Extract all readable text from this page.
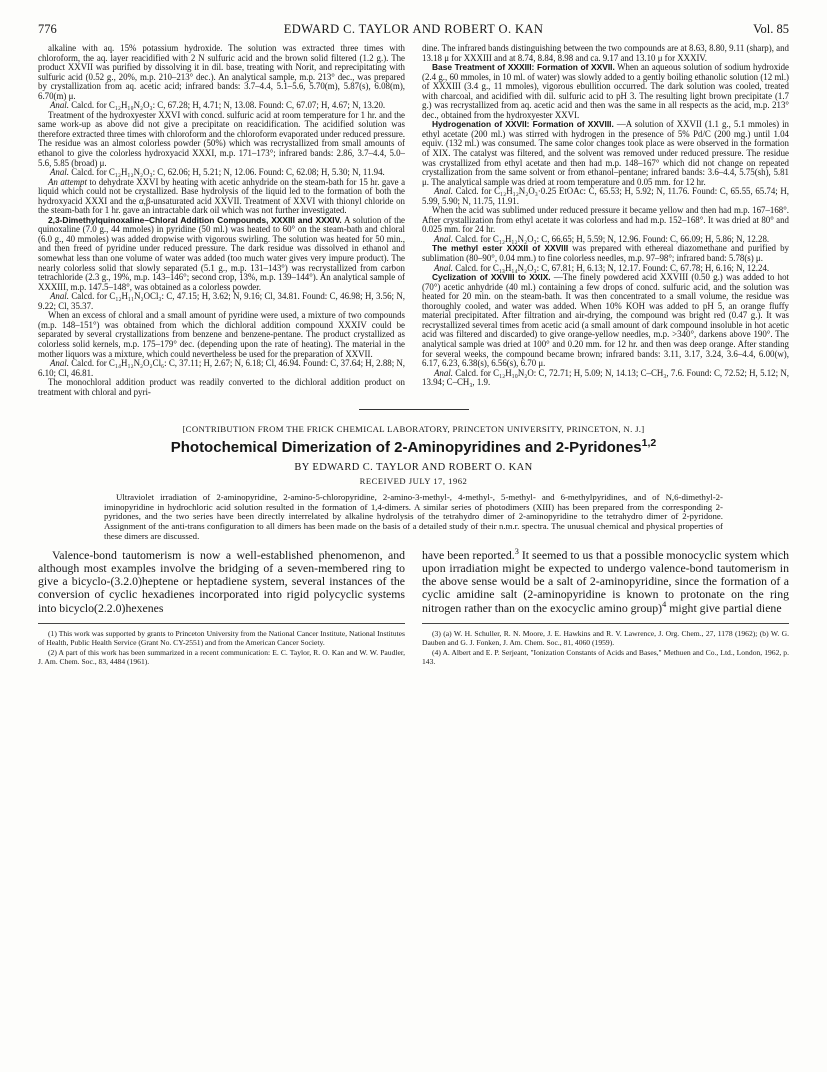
776	EDWARD C. TAYLOR AND ROBERT O. KAN	Vol. 85

alkaline with aq. 15% potassium hydroxide. The solution was extracted three times with chloroform, the aq. layer reacidified with 2 N sulfuric acid and the brown solid filtered (1.2 g.). The product XXVII was purified by dissolving it in dil. base, treating with Norit, and reprecipitating with sulfuric acid (0.52 g., 20%, m.p. 210–213° dec.). An analytical sample, m.p. 213° dec., was prepared by crystallization from aq. acetic acid; infrared bands: 3.7–4.4, 5.1–5.6, 5.70(m), 5.87(s), 6.08(m), 6.70(m) μ.

Anal. Calcd. for C₁₂H₁₀N₂O₃: C, 67.28; H, 4.71; N, 13.08. Found: C, 67.07; H, 4.67; N, 13.20.

Treatment of the hydroxyester XXVI with concd. sulfuric acid at room temperature for 1 hr. and the same work-up as above did not give a precipitate on reacidification. The acidified solution was therefore extracted three times with chloroform and the chloroform evaporated under reduced pressure. The residue was an almost colorless powder (50%) which was recrystallized from small amounts of ethanol to give the colorless hydroxyacid XXXI, m.p. 171–173°; infrared bands: 2.86, 3.7–4.4, 5.0–5.6, 5.85 (broad) μ.

Anal. Calcd. for C₁₂H₁₂N₂O₃: C, 62.06; H, 5.21; N, 12.06. Found: C, 62.08; H, 5.30; N, 11.94.

An attempt to dehydrate XXVI by heating with acetic anhydride on the steam-bath for 15 hr. gave a liquid which could not be crystallized. Base hydrolysis of the liquid led to the formation of both the hydroxyacid XXXI and the α,β-unsaturated acid XXVII. Treatment of XXVI with thionyl chloride on the steam-bath for 1 hr. gave an intractable dark oil which was not further investigated.

2,3-Dimethylquinoxaline–Chloral Addition Compounds, XXXIII and XXXIV. A solution of the quinoxaline (7.0 g., 44 mmoles) in pyridine (50 ml.) was heated to 60° on the steam-bath and chloral (6.0 g., 40 mmoles) was added dropwise with vigorous swirling. The solution was heated for 50 min., and then freed of pyridine under reduced pressure. The dark residue was dissolved in ethanol and somewhat less than one volume of water was added (too much water gives very impure product). The nearly colorless solid that slowly separated (5.1 g., m.p. 131–143°) was recrystallized from carbon tetrachloride (2.3 g., 19%, m.p. 143–146°; second crop, 13%, m.p. 139–144°). An analytical sample of XXXIII, m.p. 147.5–148°, was obtained as a colorless powder.

Anal. Calcd. for C₁₂H₁₁N₂OCl₃: C, 47.15; H, 3.62; N, 9.16; Cl, 34.81. Found: C, 46.98; H, 3.56; N, 9.22; Cl, 35.37.

When an excess of chloral and a small amount of pyridine were used, a mixture of two compounds (m.p. 148–151°) was obtained from which the dichloral addition compound XXXIV could be separated by several crystallizations from benzene and benzene-pentane. The product crystallized as colorless solid kernels, m.p. 175–179° dec. (depending upon the rate of heating). The material in the mother liquors was a mixture, which could nevertheless be used for the preparation of XXVII.

Anal. Calcd. for C₁₄H₁₂N₂O₂Cl₆: C, 37.11; H, 2.67; N, 6.18; Cl, 46.94. Found: C, 37.64; H, 2.88; N, 6.10; Cl, 46.81.

The monochloral addition product was readily converted to the dichloral addition product on treatment with chloral and pyri-

dine. The infrared bands distinguishing between the two compounds are at 8.63, 8.80, 9.11 (sharp), and 13.18 μ for XXXIII and at 8.74, 8.84, 8.98 and ca. 9.17 and 13.10 μ for XXXIV.

Base Treatment of XXXIII: Formation of XXVII. When an aqueous solution of sodium hydroxide (2.4 g., 60 mmoles, in 10 ml. of water) was slowly added to a gently boiling ethanolic solution (12 ml.) of XXXIII (3.4 g., 11 mmoles), vigorous ebullition occurred. The dark solution was cooled, treated with charcoal, and acidified with dil. sulfuric acid to pH 3. The resulting light brown precipitate (1.7 g.) was recrystallized from aq. acetic acid and then was the same in all respects as the acid, m.p. 213° dec., obtained from the hydroxyester XXVI.

Hydrogenation of XXVII: Formation of XXVIII. —A solution of XXVII (1.1 g., 5.1 mmoles) in ethyl acetate (200 ml.) was stirred with hydrogen in the presence of 5% Pd/C (200 mg.) until 1.04 equiv. (132 ml.) was consumed. The same color changes took place as were observed in the formation of XIX. The catalyst was filtered, and the solvent was removed under reduced pressure. The residue was crystallized from ethyl acetate and then had m.p. 148–167° which did not change on repeated crystallization from the same solvent or from ethanol–pentane; infrared bands: 3.6–4.4, 5.75(sh), 5.81 μ. The analytical sample was dried at room temperature and 0.05 mm. for 12 hr.

Anal. Calcd. for C₁₂H₁₂N₂O₃·0.25 EtOAc: C, 65.53; H, 5.92; N, 11.76. Found: C, 65.55, 65.74; H, 5.99, 5.90; N, 11.75, 11.91.

When the acid was sublimed under reduced pressure it became yellow and then had m.p. 167–168°. After crystallization from ethyl acetate it was colorless and had m.p. 152–168°. It was dried at 80° and 0.025 mm. for 24 hr.

Anal. Calcd. for C₁₂H₁₂N₂O₃: C, 66.65; H, 5.59; N, 12.96. Found: C, 66.09; H, 5.86; N, 12.28.

The methyl ester XXXII of XXVIII was prepared with ethereal diazomethane and purified by sublimation (80–90°, 0.04 mm.) to fine colorless needles, m.p. 97–98°; infrared band: 5.78(s) μ.

Anal. Calcd. for C₁₃H₁₄N₂O₃: C, 67.81; H, 6.13; N, 12.17. Found: C, 67.78; H, 6.16; N, 12.24.

Cyclization of XXVIII to XXIX. —The finely powdered acid XXVIII (0.50 g.) was added to hot (70°) acetic anhydride (40 ml.) containing a few drops of concd. sulfuric acid, and the solution was heated for 20 min. on the steam-bath. It was then concentrated to a small volume, the residue was thoroughly cooled, and water was added. When 10% KOH was added to pH 5, an orange fluffy material precipitated. After filtration and air-drying, the compound was bright red (0.47 g.). It was recrystallized several times from acetic acid (a small amount of dark compound insoluble in hot acetic acid was filtered and discarded) to give orange-yellow needles, m.p. >340°, darkens above 190°. The analytical sample was dried at 100° and 0.20 mm. for 12 hr. and then was deep orange. After standing for several weeks, the compound became brown; infrared bands: 3.11, 3.17, 3.24, 3.6–4.4, 6.00(w), 6.17, 6.23, 6.38(s), 6.56(s), 6.70 μ.

Anal. Calcd. for C₁₂H₁₀N₂O: C, 72.71; H, 5.09; N, 14.13; C–CH₃, 7.6. Found: C, 72.52; H, 5.12; N, 13.94; C–CH₃, 1.9.

[CONTRIBUTION FROM THE FRICK CHEMICAL LABORATORY, PRINCETON UNIVERSITY, PRINCETON, N. J.]
Photochemical Dimerization of 2-Aminopyridines and 2-Pyridones$^{1,2}$
BY EDWARD C. TAYLOR AND ROBERT O. KAN
RECEIVED JULY 17, 1962

Ultraviolet irradiation of 2-aminopyridine, 2-amino-5-chloropyridine, 2-amino-3-methyl-, 4-methyl-, 5-methyl- and 6-methylpyridines, and of N,6-dimethyl-2-iminopyridine in hydrochloric acid solution resulted in the formation of 1,4-dimers. A similar series of photodimers (XIII) has been prepared from the corresponding 2-pyridones, and the two series have been directly interrelated by alkaline hydrolysis of the tetrahydro dimer of 2-aminopyridine to the tetrahydro dimer of 2-pyridone. Assignment of the anti-trans configuration to all dimers has been made on the basis of a detailed study of their n.m.r. spectra. The unusual chemical and physical properties of these dimers are discussed.

Valence-bond tautomerism is now a well-established phenomenon, and although most examples involve the bridging of a seven-membered ring to give a bicyclo-(3.2.0)heptene or heptadiene system, several instances of the conversion of cyclic hexadienes incorporated into rigid polycyclic systems into bicyclo(2.2.0)hexenes

(1) This work was supported by grants to Princeton University from the National Cancer Institute, National Institutes of Health, Public Health Service (Grant No. CY-2551) and from the American Cancer Society.

(2) A part of this work has been summarized in a recent communication: E. C. Taylor, R. O. Kan and W. W. Paudler, J. Am. Chem. Soc., 83, 4484 (1961).

have been reported.$^3$ It seemed to us that a possible monocyclic system which upon irradiation might be expected to undergo valence-bond tautomerism in the above sense would be a salt of 2-aminopyridine, since the formation of a cyclic amidine salt (2-aminopyridine is known to protonate on the ring nitrogen rather than on the exocyclic amino group)$^4$ might give partial diene

(3) (a) W. H. Schuller, R. N. Moore, J. E. Hawkins and R. V. Lawrence, J. Org. Chem., 27, 1178 (1962); (b) W. G. Dauben and G. J. Fonken, J. Am. Chem. Soc., 81, 4060 (1959).

(4) A. Albert and E. P. Serjeant, "Ionization Constants of Acids and Bases," Methuen and Co., Ltd., London, 1962, p. 143.
